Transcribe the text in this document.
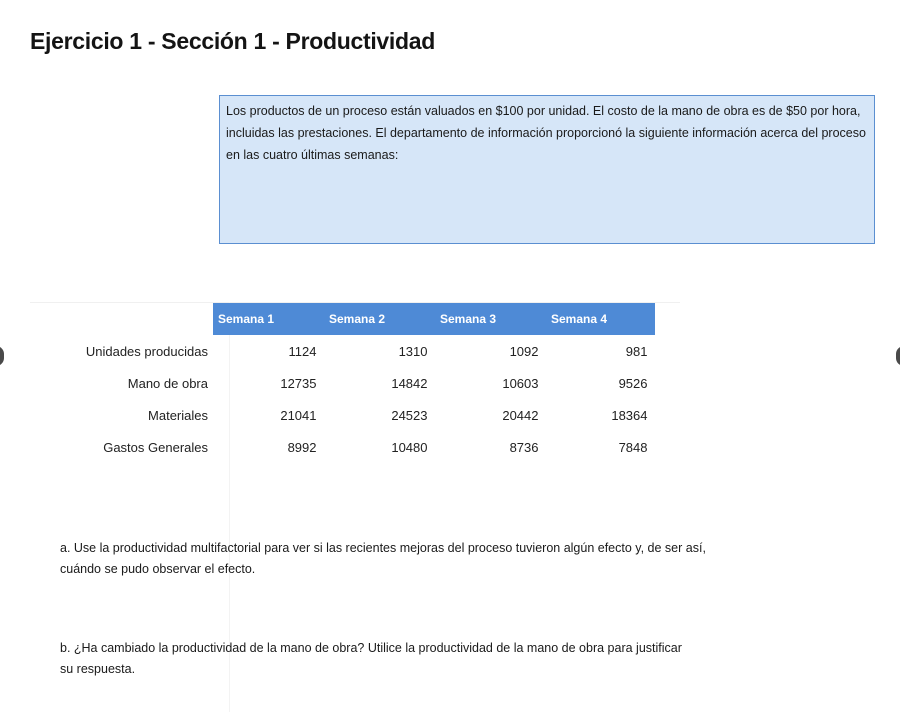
Ejercicio 1 - Sección 1 - Productividad
Los productos de un proceso están valuados en $100 por unidad. El costo de la mano de obra es de $50 por hora, incluidas las prestaciones. El departamento de información proporcionó la siguiente información acerca del proceso en las cuatro últimas semanas:
	Semana 1	Semana 2	Semana 3	Semana 4
Unidades producidas	1124	1310	1092	981
Mano de obra	12735	14842	10603	9526
Materiales	21041	24523	20442	18364
Gastos Generales	8992	10480	8736	7848

a. Use la productividad multifactorial para ver si las recientes mejoras del proceso tuvieron algún efecto y, de ser así, cuándo se pudo observar el efecto.

b. ¿Ha cambiado la productividad de la mano de obra? Utilice la productividad de la mano de obra para justificar su respuesta.
